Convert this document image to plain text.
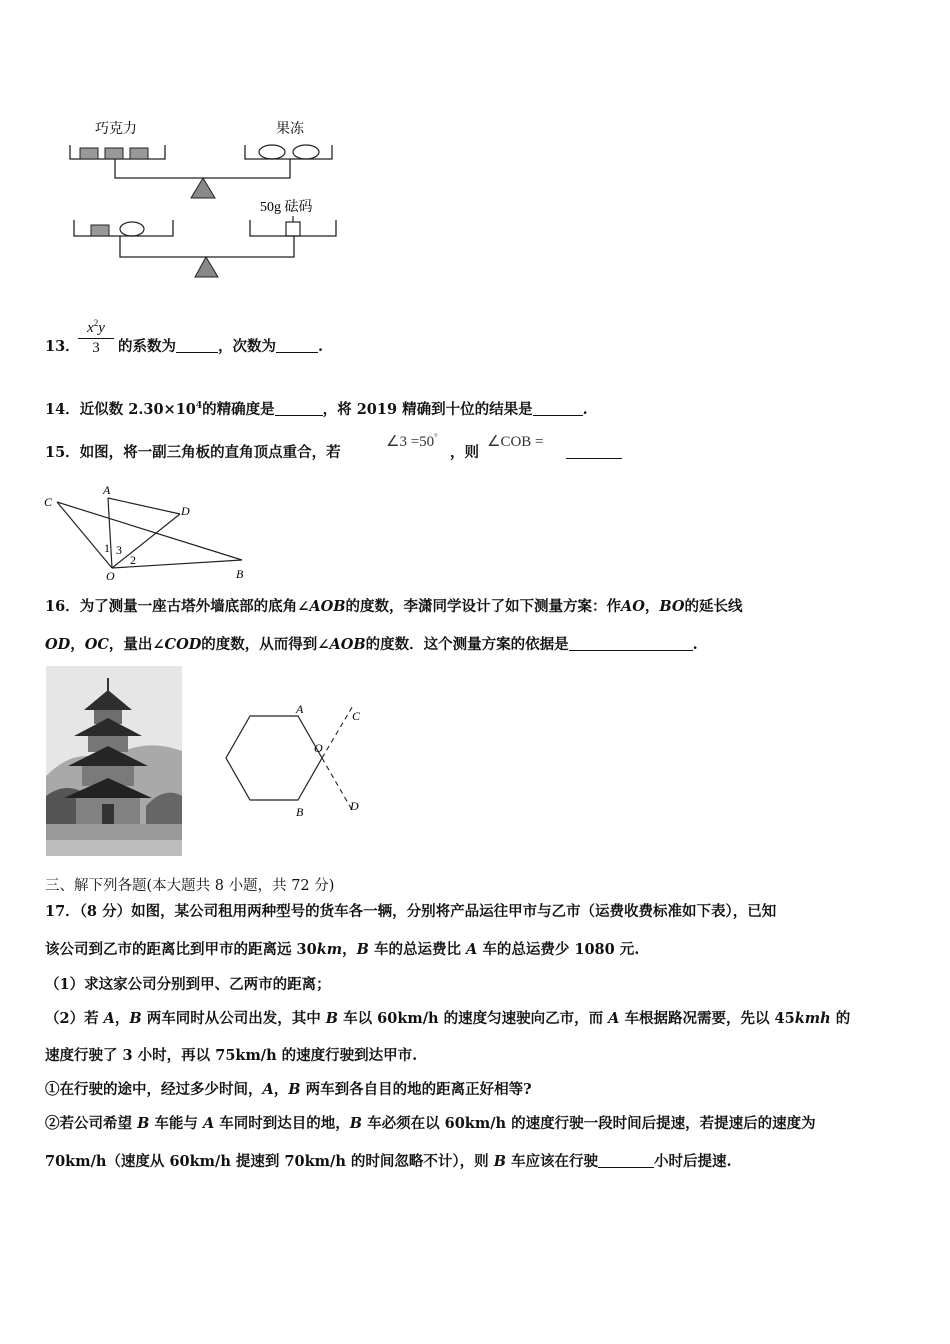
巧克力	果冻
50g 砝码
13．
$x^2y$
3	的系数为	，次数为	.
14．近似数 $2.30\times 10^4$的精确度是	，将 2019 精确到十位的结果是	.
15．如图，将一副三角板的直角顶点重合，若
∠3 =50°
，则
∠COB =
C
A
D
O	B
1 3
2
16．为了测量一座古塔外墙底部的底角∠AOB的度数，李潇同学设计了如下测量方案：作AO，BO的延长线
OD，OC，量出∠COD的度数，从而得到∠AOB的度数．这个测量方案的依据是	.
A	C
O
B	D
三、解下列各题(本大题共 8 小题，共 72 分)
17．（8 分）如图，某公司租用两种型号的货车各一辆，分别将产品运往甲市与乙市（运费收费标准如下表），已知
该公司到乙市的距离比到甲市的距离远 30km，B 车的总运费比 A 车的总运费少 1080 元.
（1）求这家公司分别到甲、乙两市的距离；
（2）若 A，B 两车同时从公司出发，其中 B 车以 60km/h 的速度匀速驶向乙市，而 A 车根据路况需要，先以 45kmh 的
速度行驶了 3 小时，再以 75km/h 的速度行驶到达甲市.
①在行驶的途中，经过多少时间，A，B 两车到各自目的地的距离正好相等?
②若公司希望 B 车能与 A 车同时到达目的地，B 车必须在以 60km/h 的速度行驶一段时间后提速，若提速后的速度为
70km/h（速度从 60km/h 提速到 70km/h 的时间忽略不计），则 B 车应该在行驶	小时后提速.
